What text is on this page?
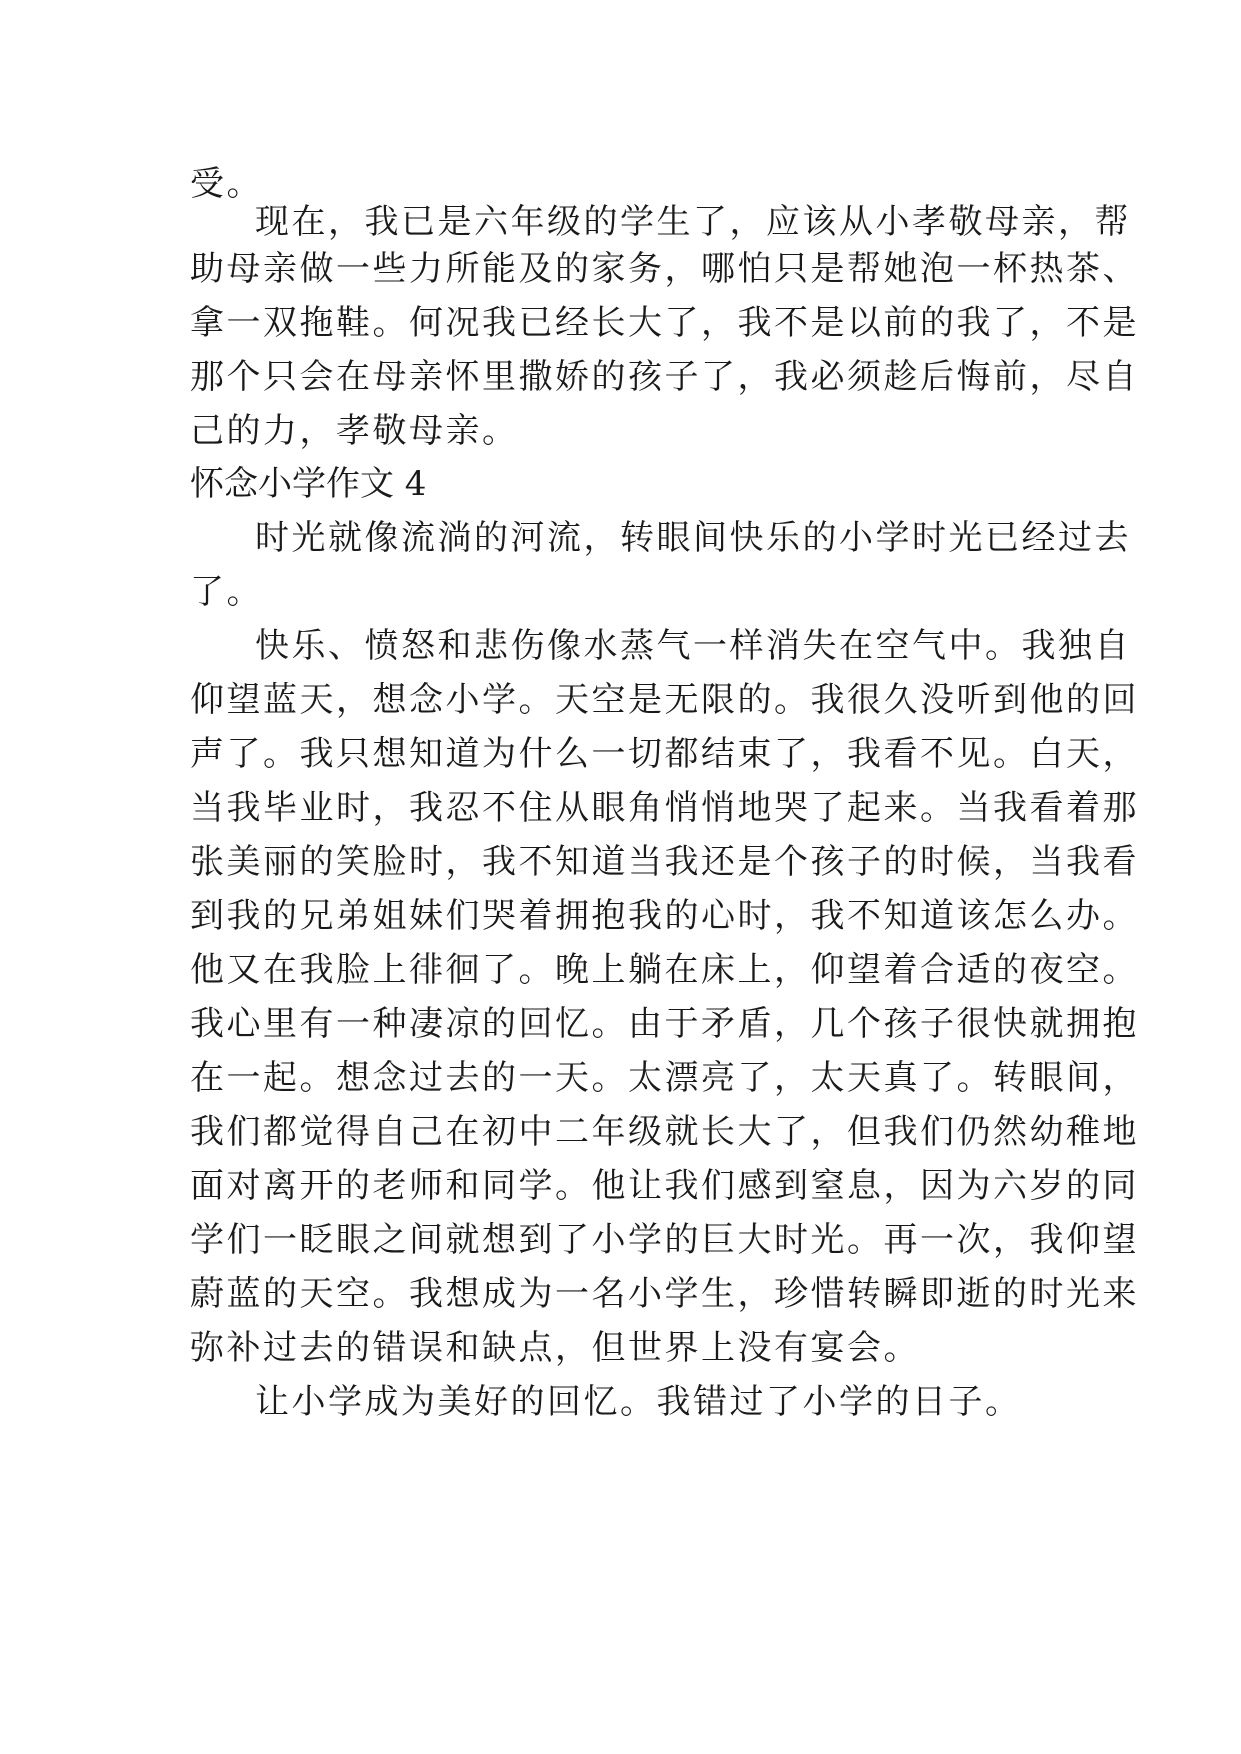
受。

现在，我已是六年级的学生了，应该从小孝敬母亲，帮

助母亲做一些力所能及的家务，哪怕只是帮她泡一杯热茶、

拿一双拖鞋。何况我已经长大了，我不是以前的我了，不是

那个只会在母亲怀里撒娇的孩子了，我必须趁后悔前，尽自

己的力，孝敬母亲。

怀念小学作文 4

时光就像流淌的河流，转眼间快乐的小学时光已经过去

了。

快乐、愤怒和悲伤像水蒸气一样消失在空气中。我独自

仰望蓝天，想念小学。天空是无限的。我很久没听到他的回

声了。我只想知道为什么一切都结束了，我看不见。白天，

当我毕业时，我忍不住从眼角悄悄地哭了起来。当我看着那

张美丽的笑脸时，我不知道当我还是个孩子的时候，当我看

到我的兄弟姐妹们哭着拥抱我的心时，我不知道该怎么办。

他又在我脸上徘徊了。晚上躺在床上，仰望着合适的夜空。

我心里有一种凄凉的回忆。由于矛盾，几个孩子很快就拥抱

在一起。想念过去的一天。太漂亮了，太天真了。转眼间，

我们都觉得自己在初中二年级就长大了，但我们仍然幼稚地

面对离开的老师和同学。他让我们感到窒息，因为六岁的同

学们一眨眼之间就想到了小学的巨大时光。再一次，我仰望

蔚蓝的天空。我想成为一名小学生，珍惜转瞬即逝的时光来

弥补过去的错误和缺点，但世界上没有宴会。

让小学成为美好的回忆。我错过了小学的日子。
